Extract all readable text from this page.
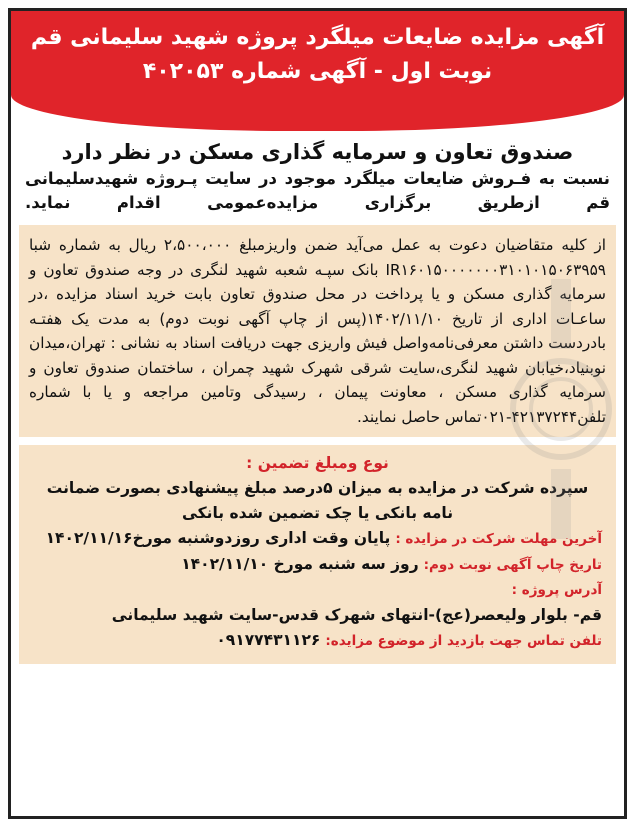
آگهی مزایده ضایعات میلگرد پروژه شهید سلیمانی قم
نوبت اول - آگهی شماره ۴۰۲۰۵۳
صندوق تعاون و سرمایه گذاری مسکن در نظر دارد
نسبت به فـروش ضایعات میلگرد موجود در سایت پـروژه شهیدسلیمانی قم ازطریق برگزاری مزایده‌عمومی اقدام نماید.

از کلیه متقاضیان دعوت به عمل می‌آید ضمن واریزمبلغ ۲،۵۰۰،۰۰۰ ریال به شماره شبا IR۱۶۰۱۵۰۰۰۰۰۰۰۳۱۰۱۰۱۵۰۶۳۹۵۹ بانک سپـه شعبه شهید لنگری در وجه صندوق تعاون و سرمایه گذاری مسکن و یا پرداخت در محل صندوق تعاون بابت خرید اسناد مزایده ،در ساعـات اداری از تاریخ ۱۴۰۲/۱۱/۱۰(پس از چاپ آگهی نوبت دوم) به مدت یک هفتـه بادردست داشتن معرفی‌نامه‌واصل فیش واریزی جهت دریافت اسناد به نشانی : تهران،میدان نوبنیاد،خیابان شهید لنگری،سایت شرقی شهرک شهید چمران ، ساختمان صندوق تعاون و سرمایه گذاری مسکن ، معاونت پیمان ، رسیدگی وتامین مراجعه و یا با شماره تلفن۴۲۱۳۷۲۴۴-۰۲۱تماس حاصل نمایند.

نوع ومبلغ تضمین :
سپرده شرکت در مزایده به میزان ۵درصد مبلغ پیشنهادی بصورت ضمانت نامه بانکی یا چک تضمین شده بانکی
آخرین مهلت شرکت در مزایده : پایان وقت اداری روزدوشنبه مورخ۱۴۰۲/۱۱/۱۶
تاریخ چاپ آگهی نوبت دوم: روز سه شنبه مورخ ۱۴۰۲/۱۱/۱۰
آدرس پروژه :
قم- بلوار ولیعصر(عج)-انتهای شهرک قدس-سایت شهید سلیمانی
تلفن تماس جهت بازدید از موضوع مزایده: ۰۹۱۷۷۴۳۱۱۲۶
